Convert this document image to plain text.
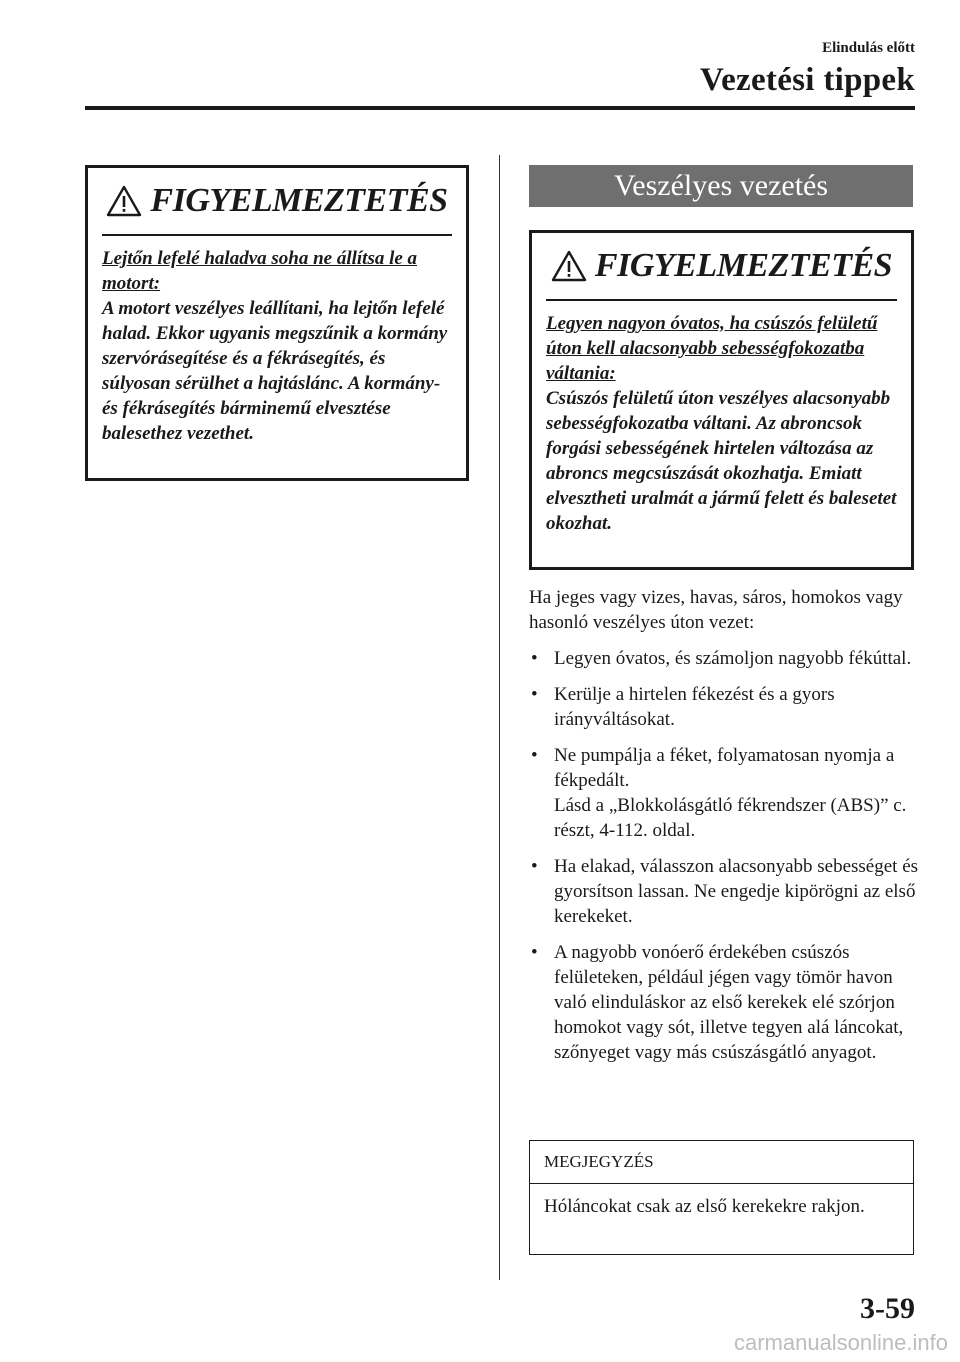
Elindulás előtt
Vezetési tippek
FIGYELMEZTETÉS
Lejtőn lefelé haladva soha ne állítsa le a motort:
A motort veszélyes leállítani, ha lejtőn lefelé halad. Ekkor ugyanis megszűnik a kormány szervórásegítése és a fékrásegítés, és súlyosan sérülhet a hajtáslánc. A kormány- és fékrásegítés bárminemű elvesztése balesethez vezethet.
Veszélyes vezetés
FIGYELMEZTETÉS
Legyen nagyon óvatos, ha csúszós felületű úton kell alacsonyabb sebességfokozatba váltania:
Csúszós felületű úton veszélyes alacsonyabb sebességfokozatba váltani. Az abroncsok forgási sebességének hirtelen változása az abroncs megcsúszását okozhatja. Emiatt elvesztheti uralmát a jármű felett és balesetet okozhat.
Ha jeges vagy vizes, havas, sáros, homokos vagy hasonló veszélyes úton vezet:
• Legyen óvatos, és számoljon nagyobb fékúttal.
• Kerülje a hirtelen fékezést és a gyors irányváltásokat.
• Ne pumpálja a féket, folyamatosan nyomja a fékpedált.
Lásd a „Blokkolásgátló fékrendszer (ABS)” c. részt, 4-112. oldal.
• Ha elakad, válasszon alacsonyabb sebességet és gyorsítson lassan. Ne engedje kipörögni az első kerekeket.
• A nagyobb vonóerő érdekében csúszós felületeken, például jégen vagy tömör havon való elinduláskor az első kerekek elé szórjon homokot vagy sót, illetve tegyen alá láncokat, szőnyeget vagy más csúszásgátló anyagot.
MEGJEGYZÉS
Hóláncokat csak az első kerekekre rakjon.
3-59
carmanualsonline.info
